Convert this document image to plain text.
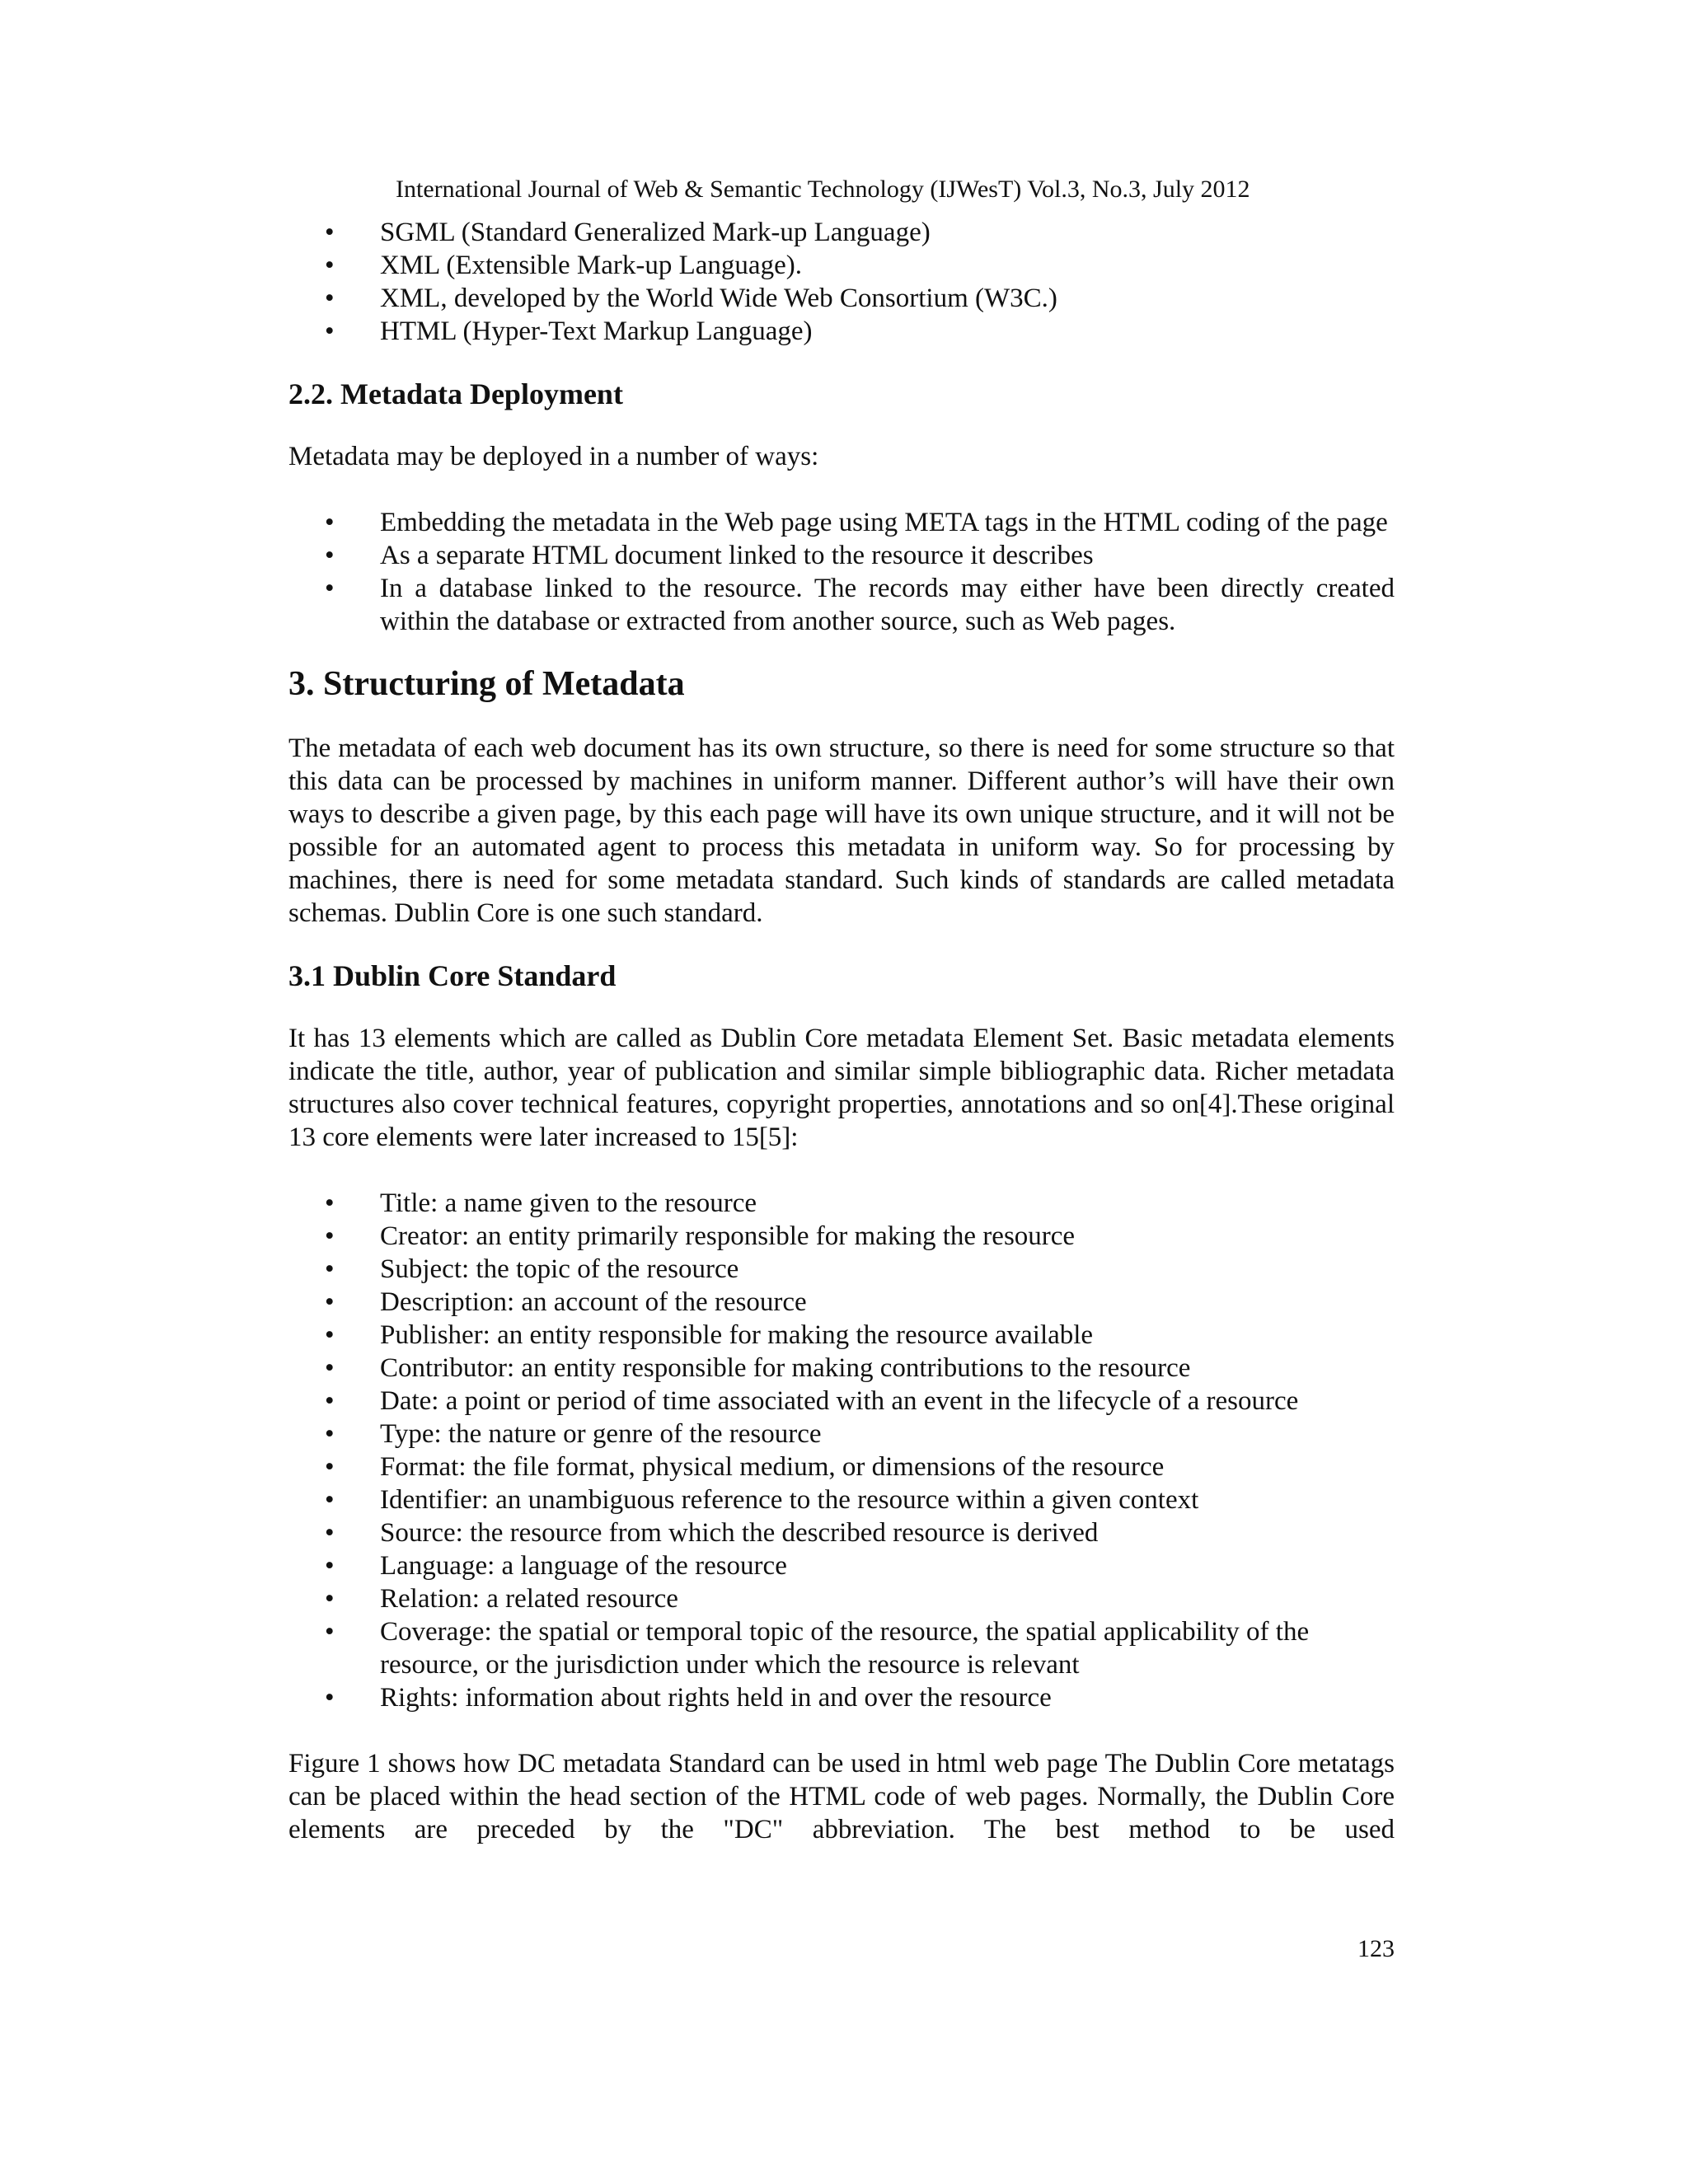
International Journal of Web & Semantic Technology (IJWesT) Vol.3, No.3, July 2012
• SGML (Standard Generalized Mark-up Language)
• XML (Extensible Mark-up Language).
• XML, developed by the World Wide Web Consortium (W3C.)
• HTML (Hyper-Text Markup Language)
2.2. Metadata Deployment

Metadata may be deployed in a number of ways:

• Embedding the metadata in the Web page using META tags in the HTML coding of the page
• As a separate HTML document linked to the resource it describes
• In a database linked to the resource. The records may either have been directly created within the database or extracted from another source, such as Web pages.
3. Structuring of Metadata

The metadata of each web document has its own structure, so there is need for some structure so that this data can be processed by machines in uniform manner. Different author’s will have their own ways to describe a given page, by this each page will have its own unique structure, and it will not be possible for an automated agent to process this metadata in uniform way. So for processing by machines, there is need for some metadata standard. Such kinds of standards are called metadata schemas. Dublin Core is one such standard.

3.1 Dublin Core Standard

It has 13 elements which are called as Dublin Core metadata Element Set. Basic metadata elements indicate the title, author, year of publication and similar simple bibliographic data. Richer metadata structures also cover technical features, copyright properties, annotations and so on[4].These original 13 core elements were later increased to 15[5]:

• Title: a name given to the resource
• Creator: an entity primarily responsible for making the resource
• Subject: the topic of the resource
• Description: an account of the resource
• Publisher: an entity responsible for making the resource available
• Contributor: an entity responsible for making contributions to the resource
• Date: a point or period of time associated with an event in the lifecycle of a resource
• Type: the nature or genre of the resource
• Format: the file format, physical medium, or dimensions of the resource
• Identifier: an unambiguous reference to the resource within a given context
• Source: the resource from which the described resource is derived
• Language: a language of the resource
• Relation: a related resource
• Coverage: the spatial or temporal topic of the resource, the spatial applicability of the resource, or the jurisdiction under which the resource is relevant
• Rights: information about rights held in and over the resource

Figure 1 shows how DC metadata Standard can be used in html web page The Dublin Core metatags can be placed within the head section of the HTML code of web pages. Normally, the Dublin Core elements are preceded by the "DC" abbreviation. The best method to be used

123
